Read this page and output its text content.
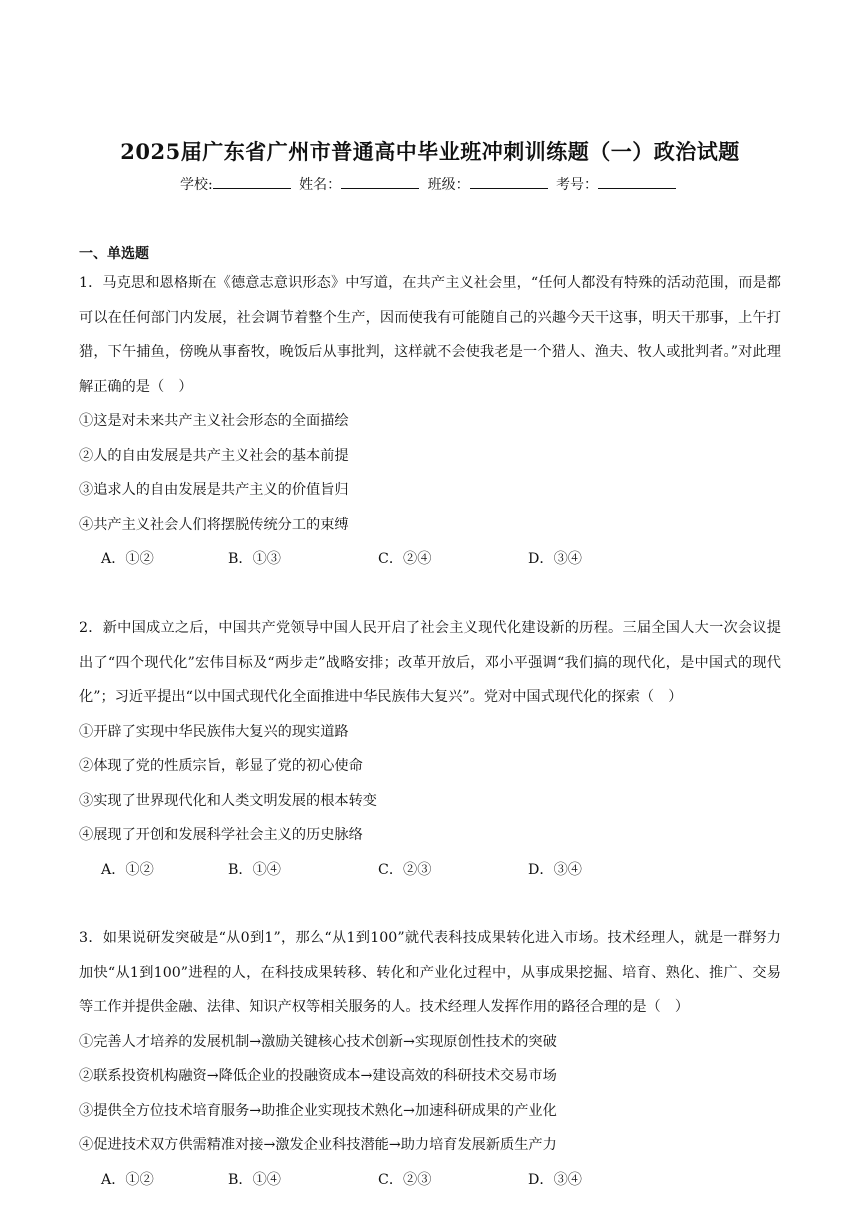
2025届广东省广州市普通高中毕业班冲刺训练题（一）政治试题
学校:	姓名：	班级：	考号：
一、单选题
1．马克思和恩格斯在《德意志意识形态》中写道，在共产主义社会里，“任何人都没有特殊的活动范围，而是都可以在任何部门内发展，社会调节着整个生产，因而使我有可能随自己的兴趣今天干这事，明天干那事，上午打猎，下午捕鱼，傍晚从事畜牧，晚饭后从事批判，这样就不会使我老是一个猎人、渔夫、牧人或批判者。”对此理解正确的是（　）
①这是对未来共产主义社会形态的全面描绘
②人的自由发展是共产主义社会的基本前提
③追求人的自由发展是共产主义的价值旨归
④共产主义社会人们将摆脱传统分工的束缚
A．①②	B．①③	C．②④	D．③④
2．新中国成立之后，中国共产党领导中国人民开启了社会主义现代化建设新的历程。三届全国人大一次会议提出了“四个现代化”宏伟目标及“两步走”战略安排；改革开放后，邓小平强调“我们搞的现代化，是中国式的现代化”；习近平提出“以中国式现代化全面推进中华民族伟大复兴”。党对中国式现代化的探索（　）
①开辟了实现中华民族伟大复兴的现实道路
②体现了党的性质宗旨，彰显了党的初心使命
③实现了世界现代化和人类文明发展的根本转变
④展现了开创和发展科学社会主义的历史脉络
A．①②	B．①④	C．②③	D．③④
3．如果说研发突破是“从0到1”，那么“从1到100”就代表科技成果转化进入市场。技术经理人，就是一群努力加快“从1到100”进程的人，在科技成果转移、转化和产业化过程中，从事成果挖掘、培育、熟化、推广、交易等工作并提供金融、法律、知识产权等相关服务的人。技术经理人发挥作用的路径合理的是（　）
①完善人才培养的发展机制→激励关键核心技术创新→实现原创性技术的突破
②联系投资机构融资→降低企业的投融资成本→建设高效的科研技术交易市场
③提供全方位技术培育服务→助推企业实现技术熟化→加速科研成果的产业化
④促进技术双方供需精准对接→激发企业科技潜能→助力培育发展新质生产力
A．①②	B．①④	C．②③	D．③④
